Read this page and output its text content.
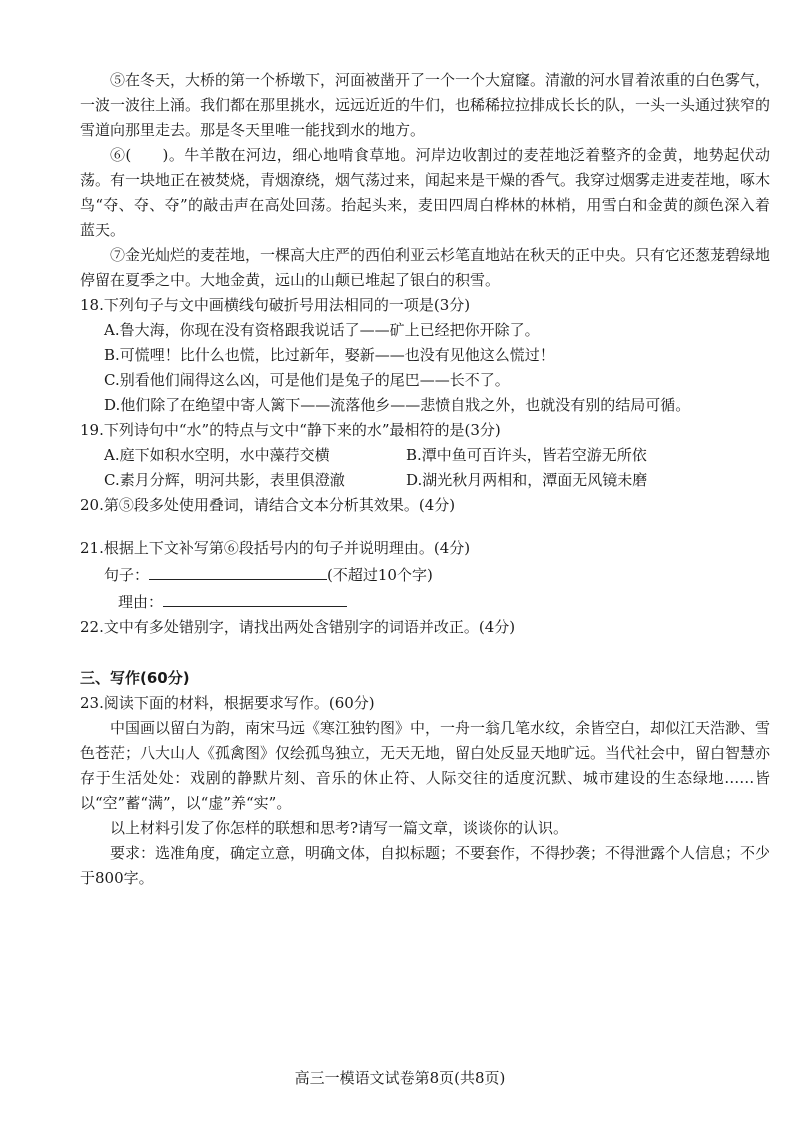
⑤在冬天，大桥的第一个桥墩下，河面被凿开了一个一个大窟窿。清澈的河水冒着浓重的白色雾气，一波一波往上涌。我们都在那里挑水，远远近近的牛们，也稀稀拉拉排成长长的队，一头一头通过狭窄的雪道向那里走去。那是冬天里唯一能找到水的地方。

⑥(　　)。牛羊散在河边，细心地啃食草地。河岸边收割过的麦茬地泛着整齐的金黄，地势起伏动荡。有一块地正在被焚烧，青烟潦绕，烟气荡过来，闻起来是干燥的香气。我穿过烟雾走进麦茬地，啄木鸟“夺、夺、夺”的敲击声在高处回荡。抬起头来，麦田四周白桦林的林梢，用雪白和金黄的颜色深入着蓝天。

⑦金光灿烂的麦茬地，一棵高大庄严的西伯利亚云杉笔直地站在秋天的正中央。只有它还葱茏碧绿地停留在夏季之中。大地金黄，远山的山颠已堆起了银白的积雪。

18.下列句子与文中画横线句破折号用法相同的一项是(3分)

A.鲁大海，你现在没有资格跟我说话了——矿上已经把你开除了。

B.可慌哩！比什么也慌，比过新年，娶新——也没有见他这么慌过！

C.别看他们闹得这么凶，可是他们是兔子的尾巴——长不了。

D.他们除了在绝望中寄人篱下——流落他乡——悲愤自戕之外，也就没有别的结局可循。

19.下列诗句中“水”的特点与文中“静下来的水”最相符的是(3分)

A.庭下如积水空明，水中藻荇交横	B.潭中鱼可百许头，皆若空游无所依
C.素月分辉，明河共影，表里俱澄澈	D.湖光秋月两相和，潭面无风镜未磨

20.第⑤段多处使用叠词，请结合文本分析其效果。(4分)

21.根据上下文补写第⑥段括号内的句子并说明理由。(4分)

句子：	(不超过10个字)
理由：

22.文中有多处错别字，请找出两处含错别字的词语并改正。(4分)

三、写作(60分)

23.阅读下面的材料，根据要求写作。(60分)

中国画以留白为韵，南宋马远《寒江独钓图》中，一舟一翁几笔水纹，余皆空白，却似江天浩渺、雪色苍茫；八大山人《孤禽图》仅绘孤鸟独立，无天无地，留白处反显天地旷远。当代社会中，留白智慧亦存于生活处处：戏剧的静默片刻、音乐的休止符、人际交往的适度沉默、城市建设的生态绿地……皆以“空”蓄“满”，以“虚”养“实”。

以上材料引发了你怎样的联想和思考?请写一篇文章，谈谈你的认识。

要求：选准角度，确定立意，明确文体，自拟标题；不要套作，不得抄袭；不得泄露个人信息；不少于800字。

高三一模语文试卷第8页(共8页)
